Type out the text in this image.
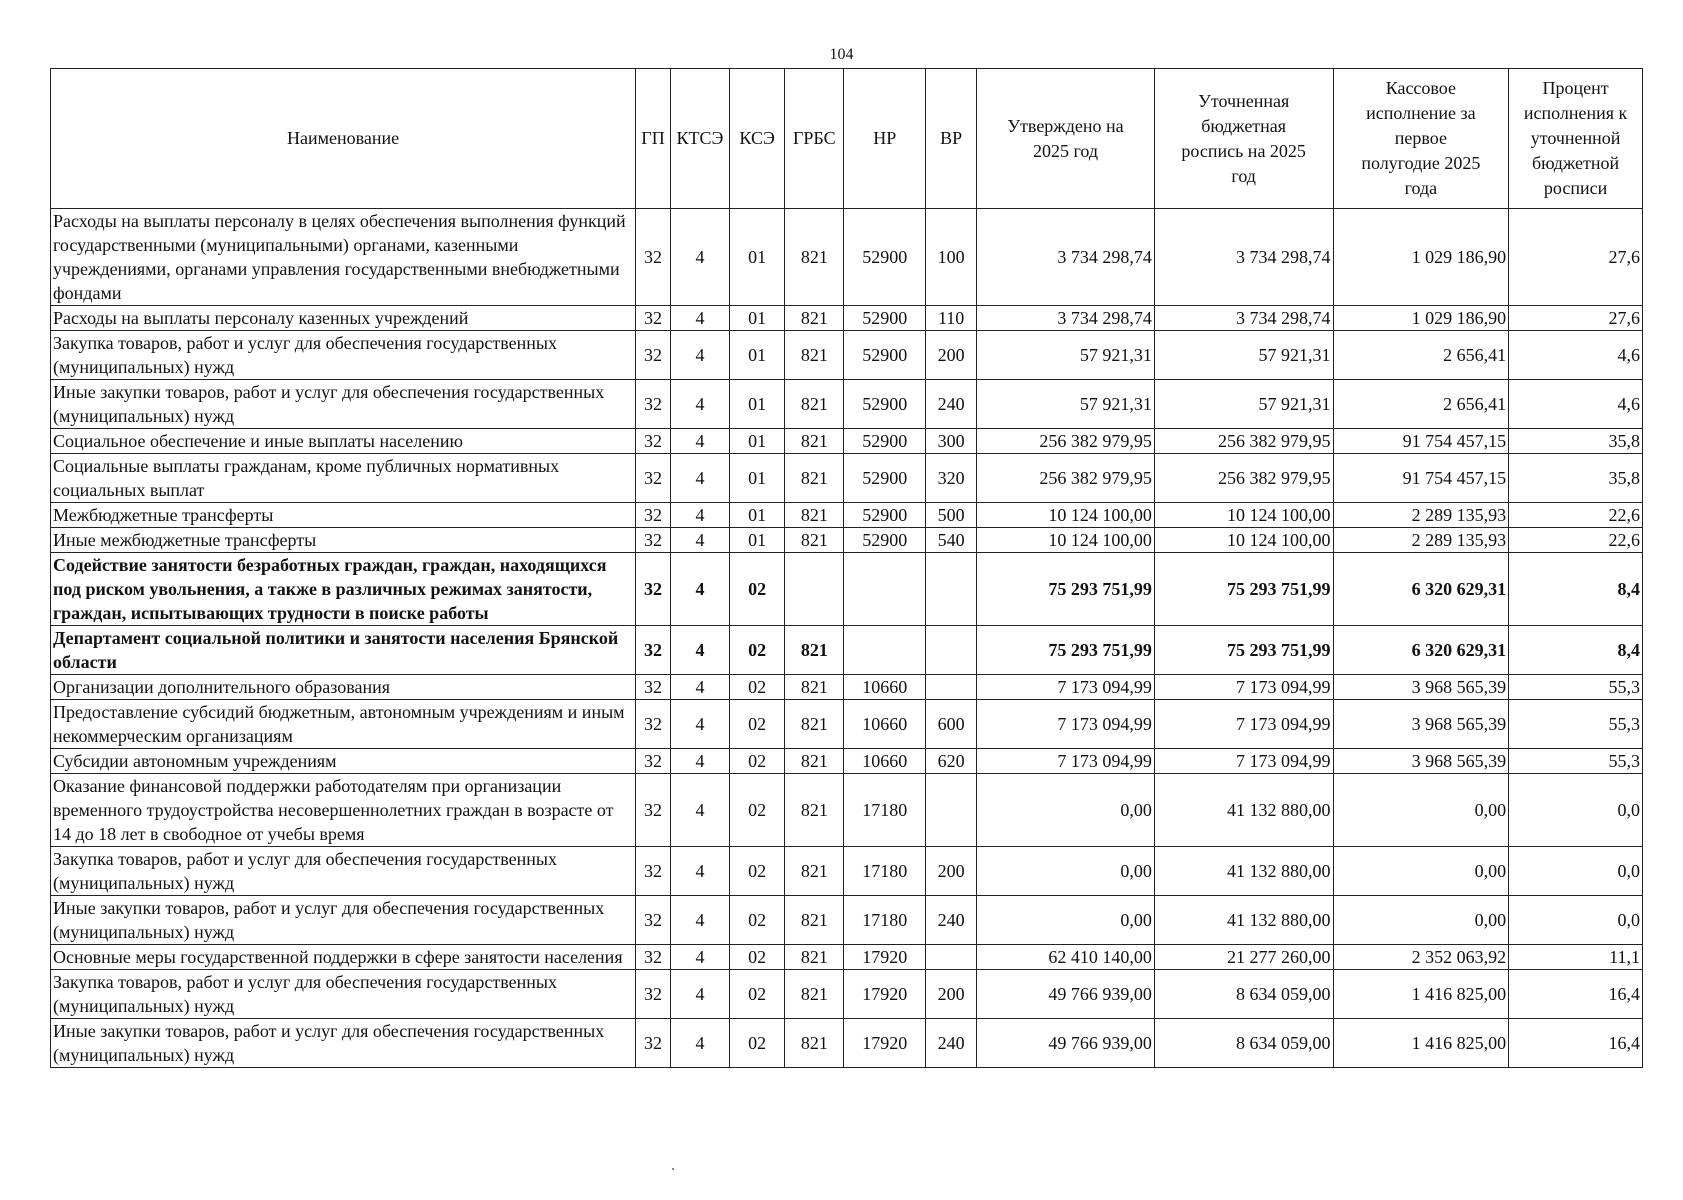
104
Наименование	ГП	КТСЭ	КСЭ	ГРБС	НР	ВР	Утверждено на 2025 год	Уточненная бюджетная роспись на 2025 год	Кассовое исполнение за первое полугодие 2025 года	Процент исполнения к уточненной бюджетной росписи
Расходы на выплаты персоналу в целях обеспечения выполнения функций государственными (муниципальными) органами, казенными учреждениями, органами управления государственными внебюджетными фондами	32	4	01	821	52900	100	3 734 298,74	3 734 298,74	1 029 186,90	27,6
Расходы на выплаты персоналу казенных учреждений	32	4	01	821	52900	110	3 734 298,74	3 734 298,74	1 029 186,90	27,6
Закупка товаров, работ и услуг для обеспечения государственных (муниципальных) нужд	32	4	01	821	52900	200	57 921,31	57 921,31	2 656,41	4,6
Иные закупки товаров, работ и услуг для обеспечения государственных (муниципальных) нужд	32	4	01	821	52900	240	57 921,31	57 921,31	2 656,41	4,6
Социальное обеспечение и иные выплаты населению	32	4	01	821	52900	300	256 382 979,95	256 382 979,95	91 754 457,15	35,8
Социальные выплаты гражданам, кроме публичных нормативных социальных выплат	32	4	01	821	52900	320	256 382 979,95	256 382 979,95	91 754 457,15	35,8
Межбюджетные трансферты	32	4	01	821	52900	500	10 124 100,00	10 124 100,00	2 289 135,93	22,6
Иные межбюджетные трансферты	32	4	01	821	52900	540	10 124 100,00	10 124 100,00	2 289 135,93	22,6
Содействие занятости безработных граждан, граждан, находящихся под риском увольнения, а также в различных режимах занятости, граждан, испытывающих трудности в поиске работы	32	4	02				75 293 751,99	75 293 751,99	6 320 629,31	8,4
Департамент социальной политики и занятости населения Брянской области	32	4	02	821			75 293 751,99	75 293 751,99	6 320 629,31	8,4
Организации дополнительного образования	32	4	02	821	10660		7 173 094,99	7 173 094,99	3 968 565,39	55,3
Предоставление субсидий бюджетным, автономным учреждениям и иным некоммерческим организациям	32	4	02	821	10660	600	7 173 094,99	7 173 094,99	3 968 565,39	55,3
Субсидии автономным учреждениям	32	4	02	821	10660	620	7 173 094,99	7 173 094,99	3 968 565,39	55,3
Оказание финансовой поддержки работодателям при организации временного трудоустройства несовершеннолетних граждан в возрасте от 14 до 18 лет в свободное от учебы время	32	4	02	821	17180		0,00	41 132 880,00	0,00	0,0
Закупка товаров, работ и услуг для обеспечения государственных (муниципальных) нужд	32	4	02	821	17180	200	0,00	41 132 880,00	0,00	0,0
Иные закупки товаров, работ и услуг для обеспечения государственных (муниципальных) нужд	32	4	02	821	17180	240	0,00	41 132 880,00	0,00	0,0
Основные меры государственной поддержки в сфере занятости населения	32	4	02	821	17920		62 410 140,00	21 277 260,00	2 352 063,92	11,1
Закупка товаров, работ и услуг для обеспечения государственных (муниципальных) нужд	32	4	02	821	17920	200	49 766 939,00	8 634 059,00	1 416 825,00	16,4
Иные закупки товаров, работ и услуг для обеспечения государственных (муниципальных) нужд	32	4	02	821	17920	240	49 766 939,00	8 634 059,00	1 416 825,00	16,4
